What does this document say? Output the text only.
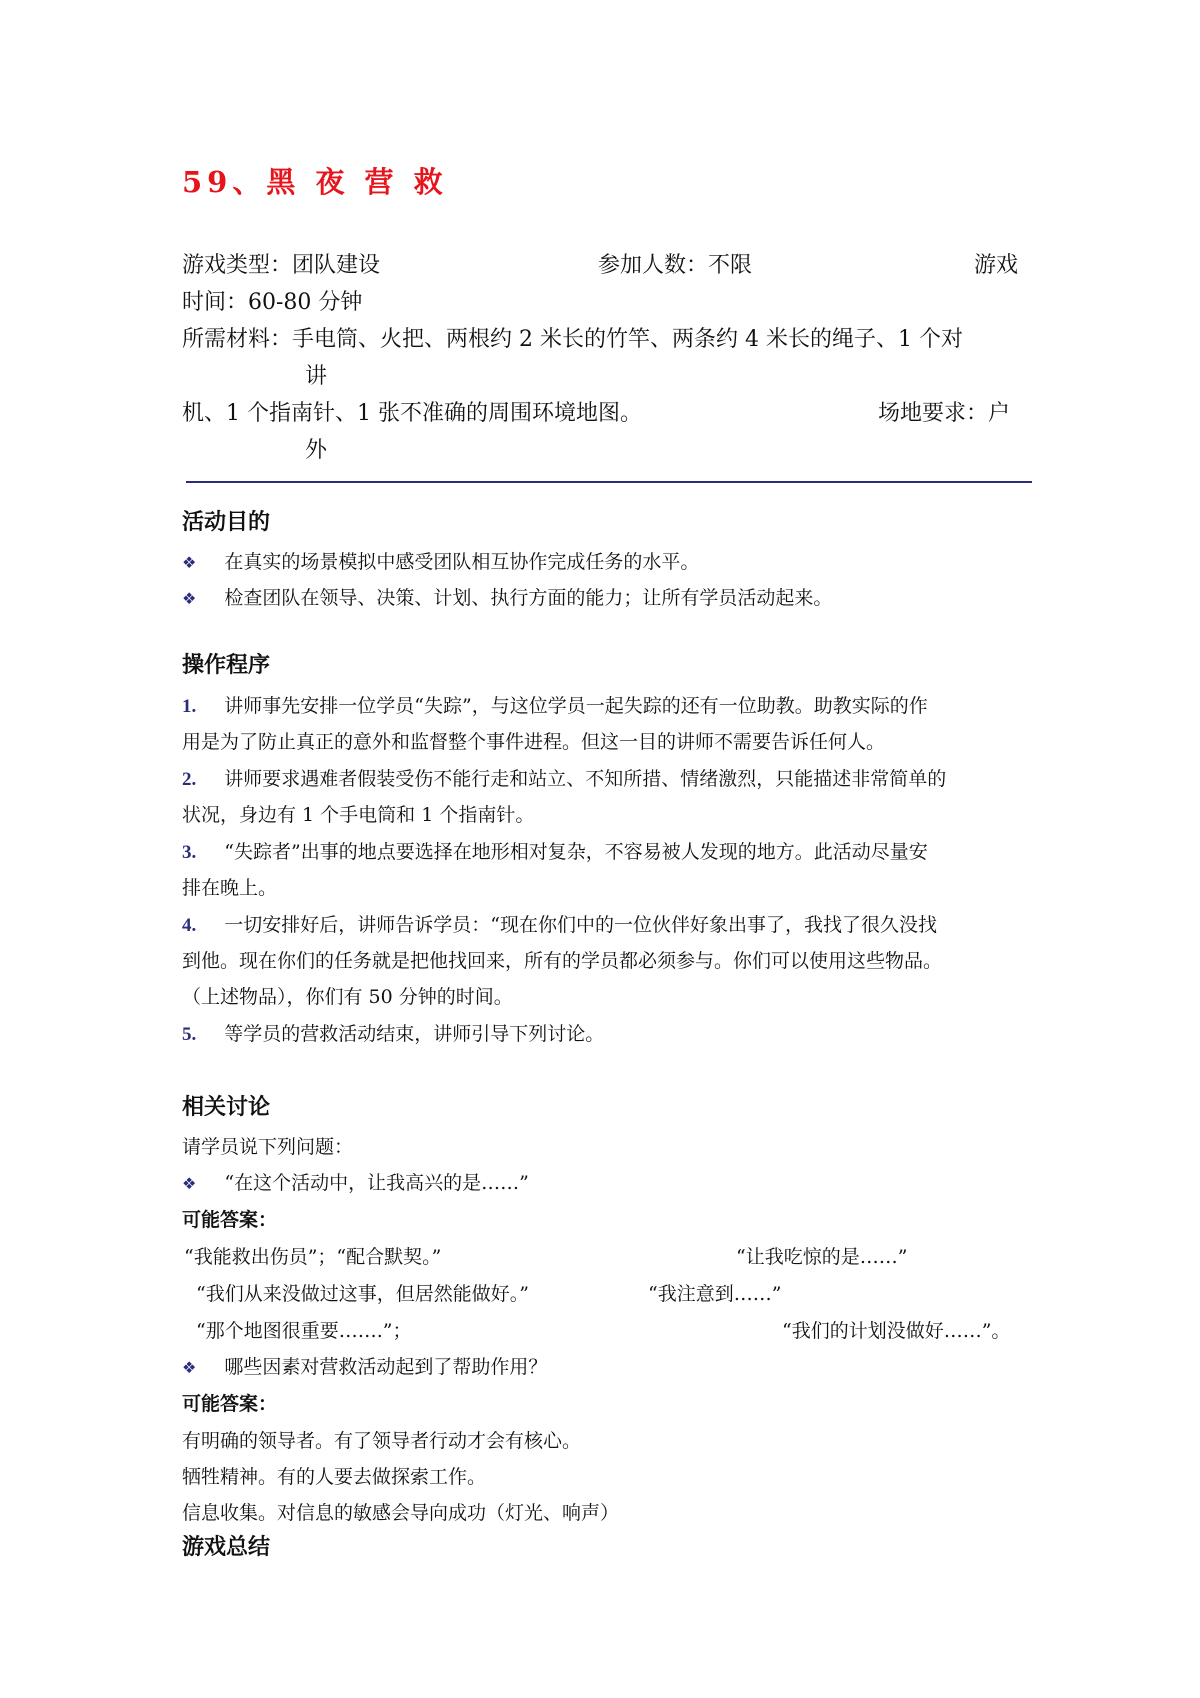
59、黑 夜 营 救
游戏类型：团队建设	参加人数：不限	游戏
时间：60-80 分钟
所需材料：手电筒、火把、两根约 2 米长的竹竿、两条约 4 米长的绳子、1 个对
讲
机、1 个指南针、1 张不准确的周围环境地图。	场地要求：户
外
活动目的
❖ 在真实的场景模拟中感受团队相互协作完成任务的水平。
❖ 检查团队在领导、决策、计划、执行方面的能力；让所有学员活动起来。
操作程序
1. 讲师事先安排一位学员“失踪”，与这位学员一起失踪的还有一位助教。助教实际的作
用是为了防止真正的意外和监督整个事件进程。但这一目的讲师不需要告诉任何人。
2. 讲师要求遇难者假装受伤不能行走和站立、不知所措、情绪激烈，只能描述非常简单的
状况，身边有 1 个手电筒和 1 个指南针。
3. “失踪者”出事的地点要选择在地形相对复杂，不容易被人发现的地方。此活动尽量安
排在晚上。
4. 一切安排好后，讲师告诉学员：“现在你们中的一位伙伴好象出事了，我找了很久没找
到他。现在你们的任务就是把他找回来，所有的学员都必须参与。你们可以使用这些物品。
（上述物品），你们有 50 分钟的时间。
5. 等学员的营救活动结束，讲师引导下列讨论。
相关讨论
请学员说下列问题：
❖ “在这个活动中，让我高兴的是……”
可能答案：
“我能救出伤员”；“配合默契。”	“让我吃惊的是……”
“我们从来没做过这事，但居然能做好。”	“我注意到……”
“那个地图很重要…….”；	“我们的计划没做好……”。
❖ 哪些因素对营救活动起到了帮助作用？
可能答案：
有明确的领导者。有了领导者行动才会有核心。
牺牲精神。有的人要去做探索工作。
信息收集。对信息的敏感会导向成功（灯光、响声）
游戏总结
